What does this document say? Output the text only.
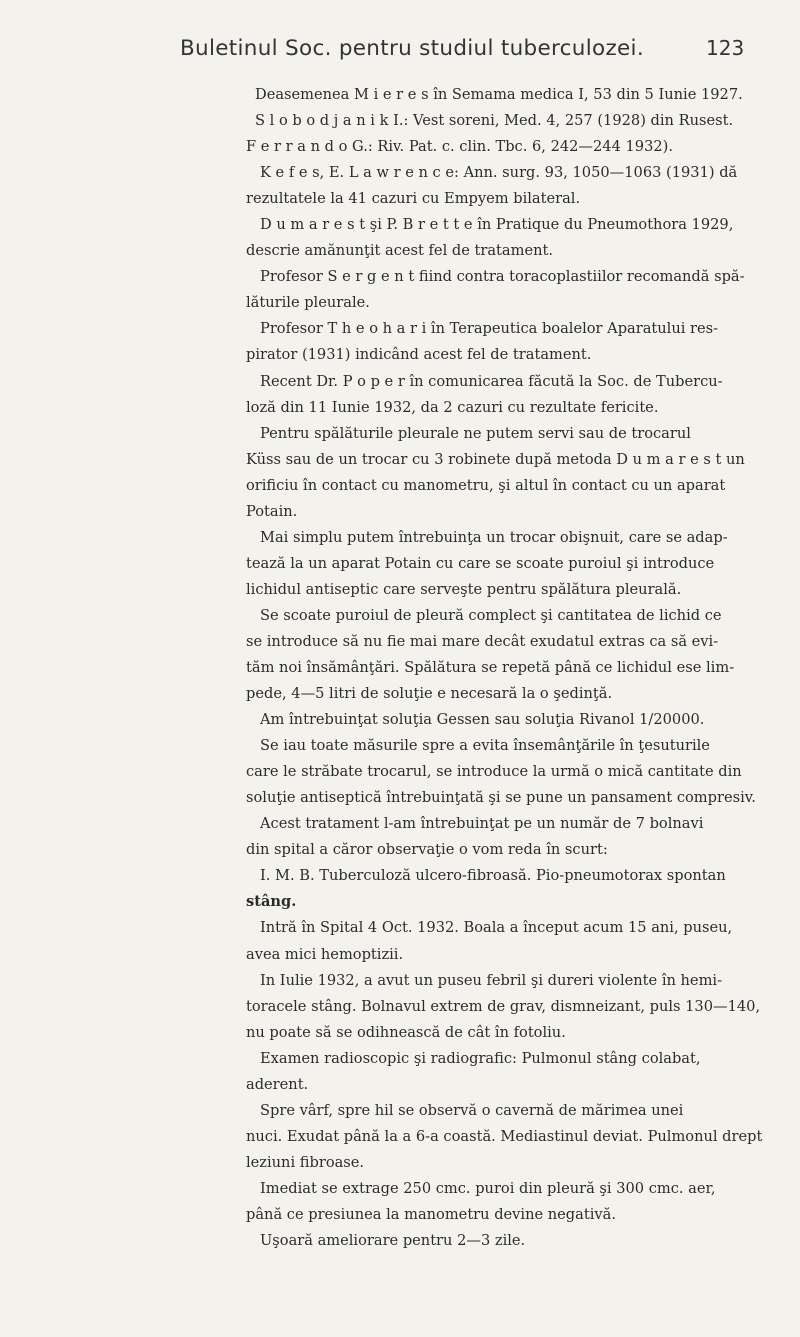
Buletinul Soc. pentru studiul tuberculozei.	123
Deasemenea M i e r e s în Semama medica I, 53 din 5 Iunie 1927.
S l o b o d j a n i k I.: Vest soreni, Med. 4, 257 (1928) din Rusest.
F e r r a n d o G.: Riv. Pat. c. clin. Tbc. 6, 242—244 1932).
K e f e s, E. L a w r e n c e: Ann. surg. 93, 1050—1063 (1931) dă
rezultatele la 41 cazuri cu Empyem bilateral.
D u m a r e s t şi P. B r e t t e în Pratique du Pneumothora 1929,
descrie amănunţit acest fel de tratament.
Profesor S e r g e n t fiind contra toracoplastiilor recomandă spă-
lăturile pleurale.
Profesor T h e o h a r i în Terapeutica boalelor Aparatului res-
pirator (1931) indicând acest fel de tratament.
Recent Dr. P o p e r în comunicarea făcută la Soc. de Tubercu-
loză din 11 Iunie 1932, da 2 cazuri cu rezultate fericite.
Pentru spălăturile pleurale ne putem servi sau de trocarul
Küss sau de un trocar cu 3 robinete după metoda D u m a r e s t un
orificiu în contact cu manometru, şi altul în contact cu un aparat
Potain.
Mai simplu putem întrebuinţa un trocar obişnuit, care se adap-
tează la un aparat Potain cu care se scoate puroiul şi introduce
lichidul antiseptic care serveşte pentru spălătura pleurală.
Se scoate puroiul de pleură complect şi cantitatea de lichid ce
se introduce să nu fie mai mare decât exudatul extras ca să evi-
tăm noi însămânţări. Spălătura se repetă până ce lichidul ese lim-
pede, 4—5 litri de soluţie e necesară la o şedinţă.
Am întrebuinţat soluţia Gessen sau soluţia Rivanol 1/20000.
Se iau toate măsurile spre a evita însemânţările în ţesuturile
care le străbate trocarul, se introduce la urmă o mică cantitate din
soluţie antiseptică întrebuinţată şi se pune un pansament compresiv.
Acest tratament l-am întrebuinţat pe un număr de 7 bolnavi
din spital a căror observaţie o vom reda în scurt:
I. M. B. Tuberculoză ulcero-fibroasă. Pio-pneumotorax spontan
stâng.
Intră în Spital 4 Oct. 1932. Boala a început acum 15 ani, puseu,
avea mici hemoptizii.
In Iulie 1932, a avut un puseu febril şi dureri violente în hemi-
toracele stâng. Bolnavul extrem de grav, dismneizant, puls 130—140,
nu poate să se odihnească de cât în fotoliu.
Examen radioscopic şi radiografic: Pulmonul stâng colabat,
aderent.
Spre vârf, spre hil se observă o cavernă de mărimea unei
nuci. Exudat până la a 6-a coastă. Mediastinul deviat. Pulmonul drept
leziuni fibroase.
Imediat se extrage 250 cmc. puroi din pleură şi 300 cmc. aer,
până ce presiunea la manometru devine negativă.
Uşoară ameliorare pentru 2—3 zile.
